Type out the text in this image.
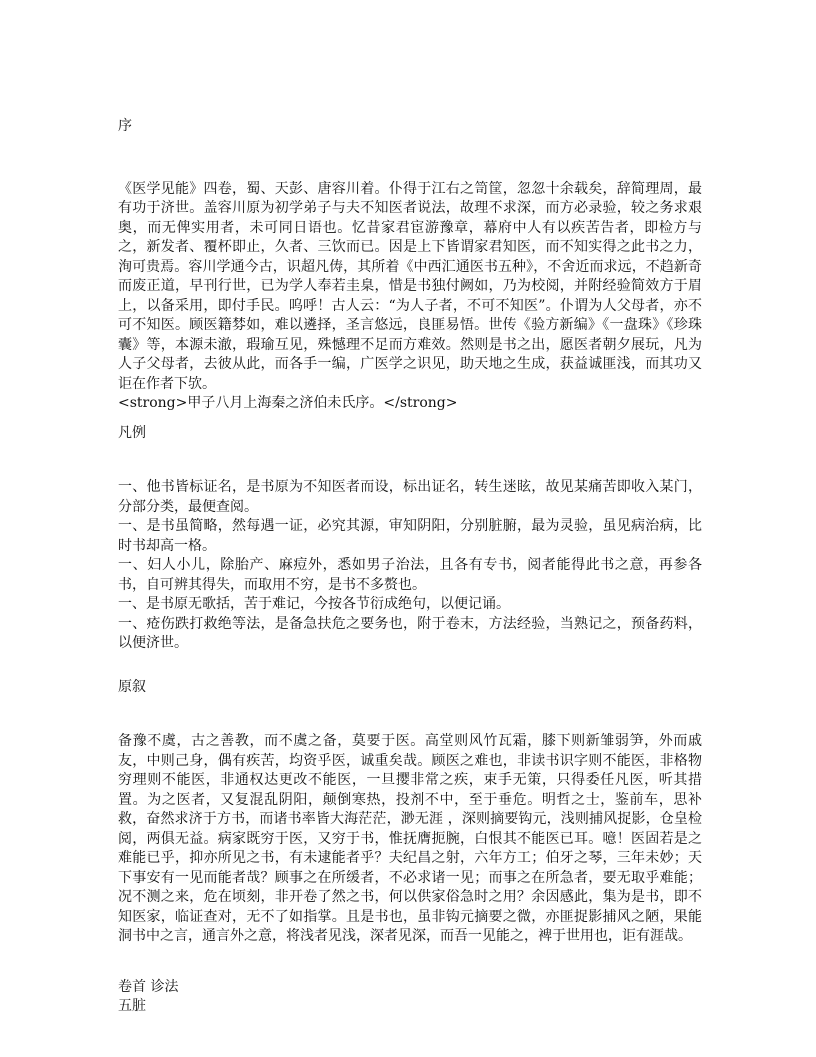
序

《医学见能》四卷，蜀、天彭、唐容川着。仆得于江右之笥筐，忽忽十余载矣，辞简理周，最有功于济世。盖容川原为初学弟子与夫不知医者说法，故理不求深，而方必录验，较之务求艰奥，而无俾实用者，未可同日语也。忆昔家君宦游豫章，幕府中人有以疾苦告者，即检方与之，新发者、覆杯即止，久者、三饮而已。因是上下皆谓家君知医，而不知实得之此书之力，洵可贵焉。容川学通今古，识超凡俦，其所着《中西汇通医书五种》，不舍近而求远，不趋新奇而废正道，早刊行世，已为学人奉若圭臬，惜是书独付阙如，乃为校阅，并附经验简效方于眉上，以备采用，即付手民。呜呼！古人云：“为人子者，不可不知医”。仆谓为人父母者，亦不可不知医。顾医籍棼如，难以遴择，圣言悠远，良匪易悟。世传《验方新编》《一盘珠》《珍珠囊》等，本源未澈，瑕瑜互见，殊憾理不足而方难效。然则是书之出，愿医者朝夕展玩，凡为人子父母者，去彼从此，而各手一编，广医学之识见，助天地之生成，获益诚匪浅，而其功又讵在作者下欤。

<strong>甲子八月上海秦之济伯未氏序。</strong>

凡例

一、他书皆标证名，是书原为不知医者而设，标出证名，转生迷眩，故见某痛苦即收入某门，分部分类，最便查阅。

一、是书虽简略，然每遇一证，必究其源，审知阴阳，分别脏腑，最为灵验，虽见病治病，比时书却高一格。

一、妇人小儿，除胎产、麻痘外，悉如男子治法，且各有专书，阅者能得此书之意，再参各书，自可辨其得失，而取用不穷，是书不多赘也。

一、是书原无歌括，苦于难记，今按各节衍成绝句，以便记诵。

一、疮伤跌打救绝等法，是备急扶危之要务也，附于卷末，方法经验，当熟记之，预备药料，以便济世。

原叙

备豫不虞，古之善教，而不虞之备，莫要于医。高堂则风竹瓦霜，膝下则新雏弱笋，外而戚友，中则己身，偶有疾苦，均资乎医，诚重矣哉。顾医之难也，非读书识字则不能医，非格物穷理则不能医，非通权达更改不能医，一旦撄非常之疾，束手无策，只得委任凡医，听其措置。为之医者，又复混乱阴阳，颠倒寒热，投剂不中，至于垂危。明哲之士，鉴前车，思补救，奋然求济于方书，而诸书率皆大海茫茫，渺无涯 ，深则摘要钩元，浅则捕风捉影，仓皇检阅，两俱无益。病家既穷于医，又穷于书，惟抚膺扼腕，白恨其不能医已耳。噫！医固若是之难能已乎，抑亦所见之书，有未逮能者乎？夫纪昌之射，六年方工；伯牙之琴，三年未妙；天下事安有一见而能者哉？顾事之在所缓者，不必求诸一见；而事之在所急者，要无取乎难能；况不测之来，危在顷刻，非开卷了然之书，何以供家俗急时之用？余因感此，集为是书，即不知医家，临证查对，无不了如指掌。且是书也，虽非钩元摘要之微，亦匪捉影捕风之陋，果能洞书中之言，通言外之意，将浅者见浅，深者见深，而吾一见能之，裨于世用也，讵有涯哉。

卷首 诊法

五脏
